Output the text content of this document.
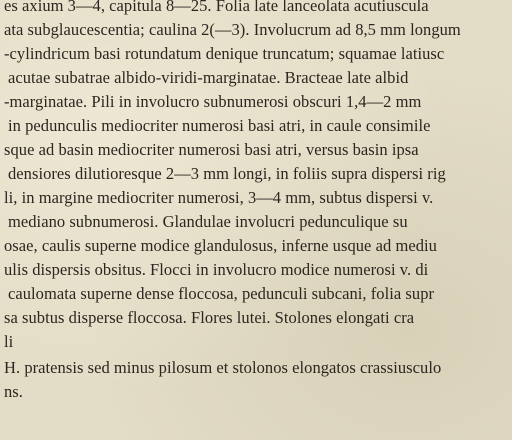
es axium 3—4, capitula 8—25. Folia late lanceolata acutiuscula
ata subglaucescentia; caulina 2(—3). Involucrum ad 8,5 mm longum
-cylindricum basi rotundatum denique truncatum; squamae latiusc
acutae subatrae albido-viridi-marginatae. Bracteae late albid
-marginatae. Pili in involucro subnumerosi obscuri 1,4—2 mm
in pedunculis mediocriter numerosi basi atri, in caule consimile
sque ad basin mediocriter numerosi basi atri, versus basin ipsa
densiores dilutioresque 2—3 mm longi, in foliis supra dispersi rig
li, in margine mediocriter numerosi, 3—4 mm, subtus dispersi v.
mediano subnumerosi. Glandulae involucri pedunculique su
osae, caulis superne modice glandulosus, inferne usque ad mediu
ulis dispersis obsitus. Flocci in involucro modice numerosi v. di
caulomata superne dense floccosa, pedunculi subcani, folia supr
sa subtus disperse floccosa. Flores lutei. Stolones elongati cra
li
H. pratensis sed minus pilosum et stolonos elongatos crassiusculo
ns.
